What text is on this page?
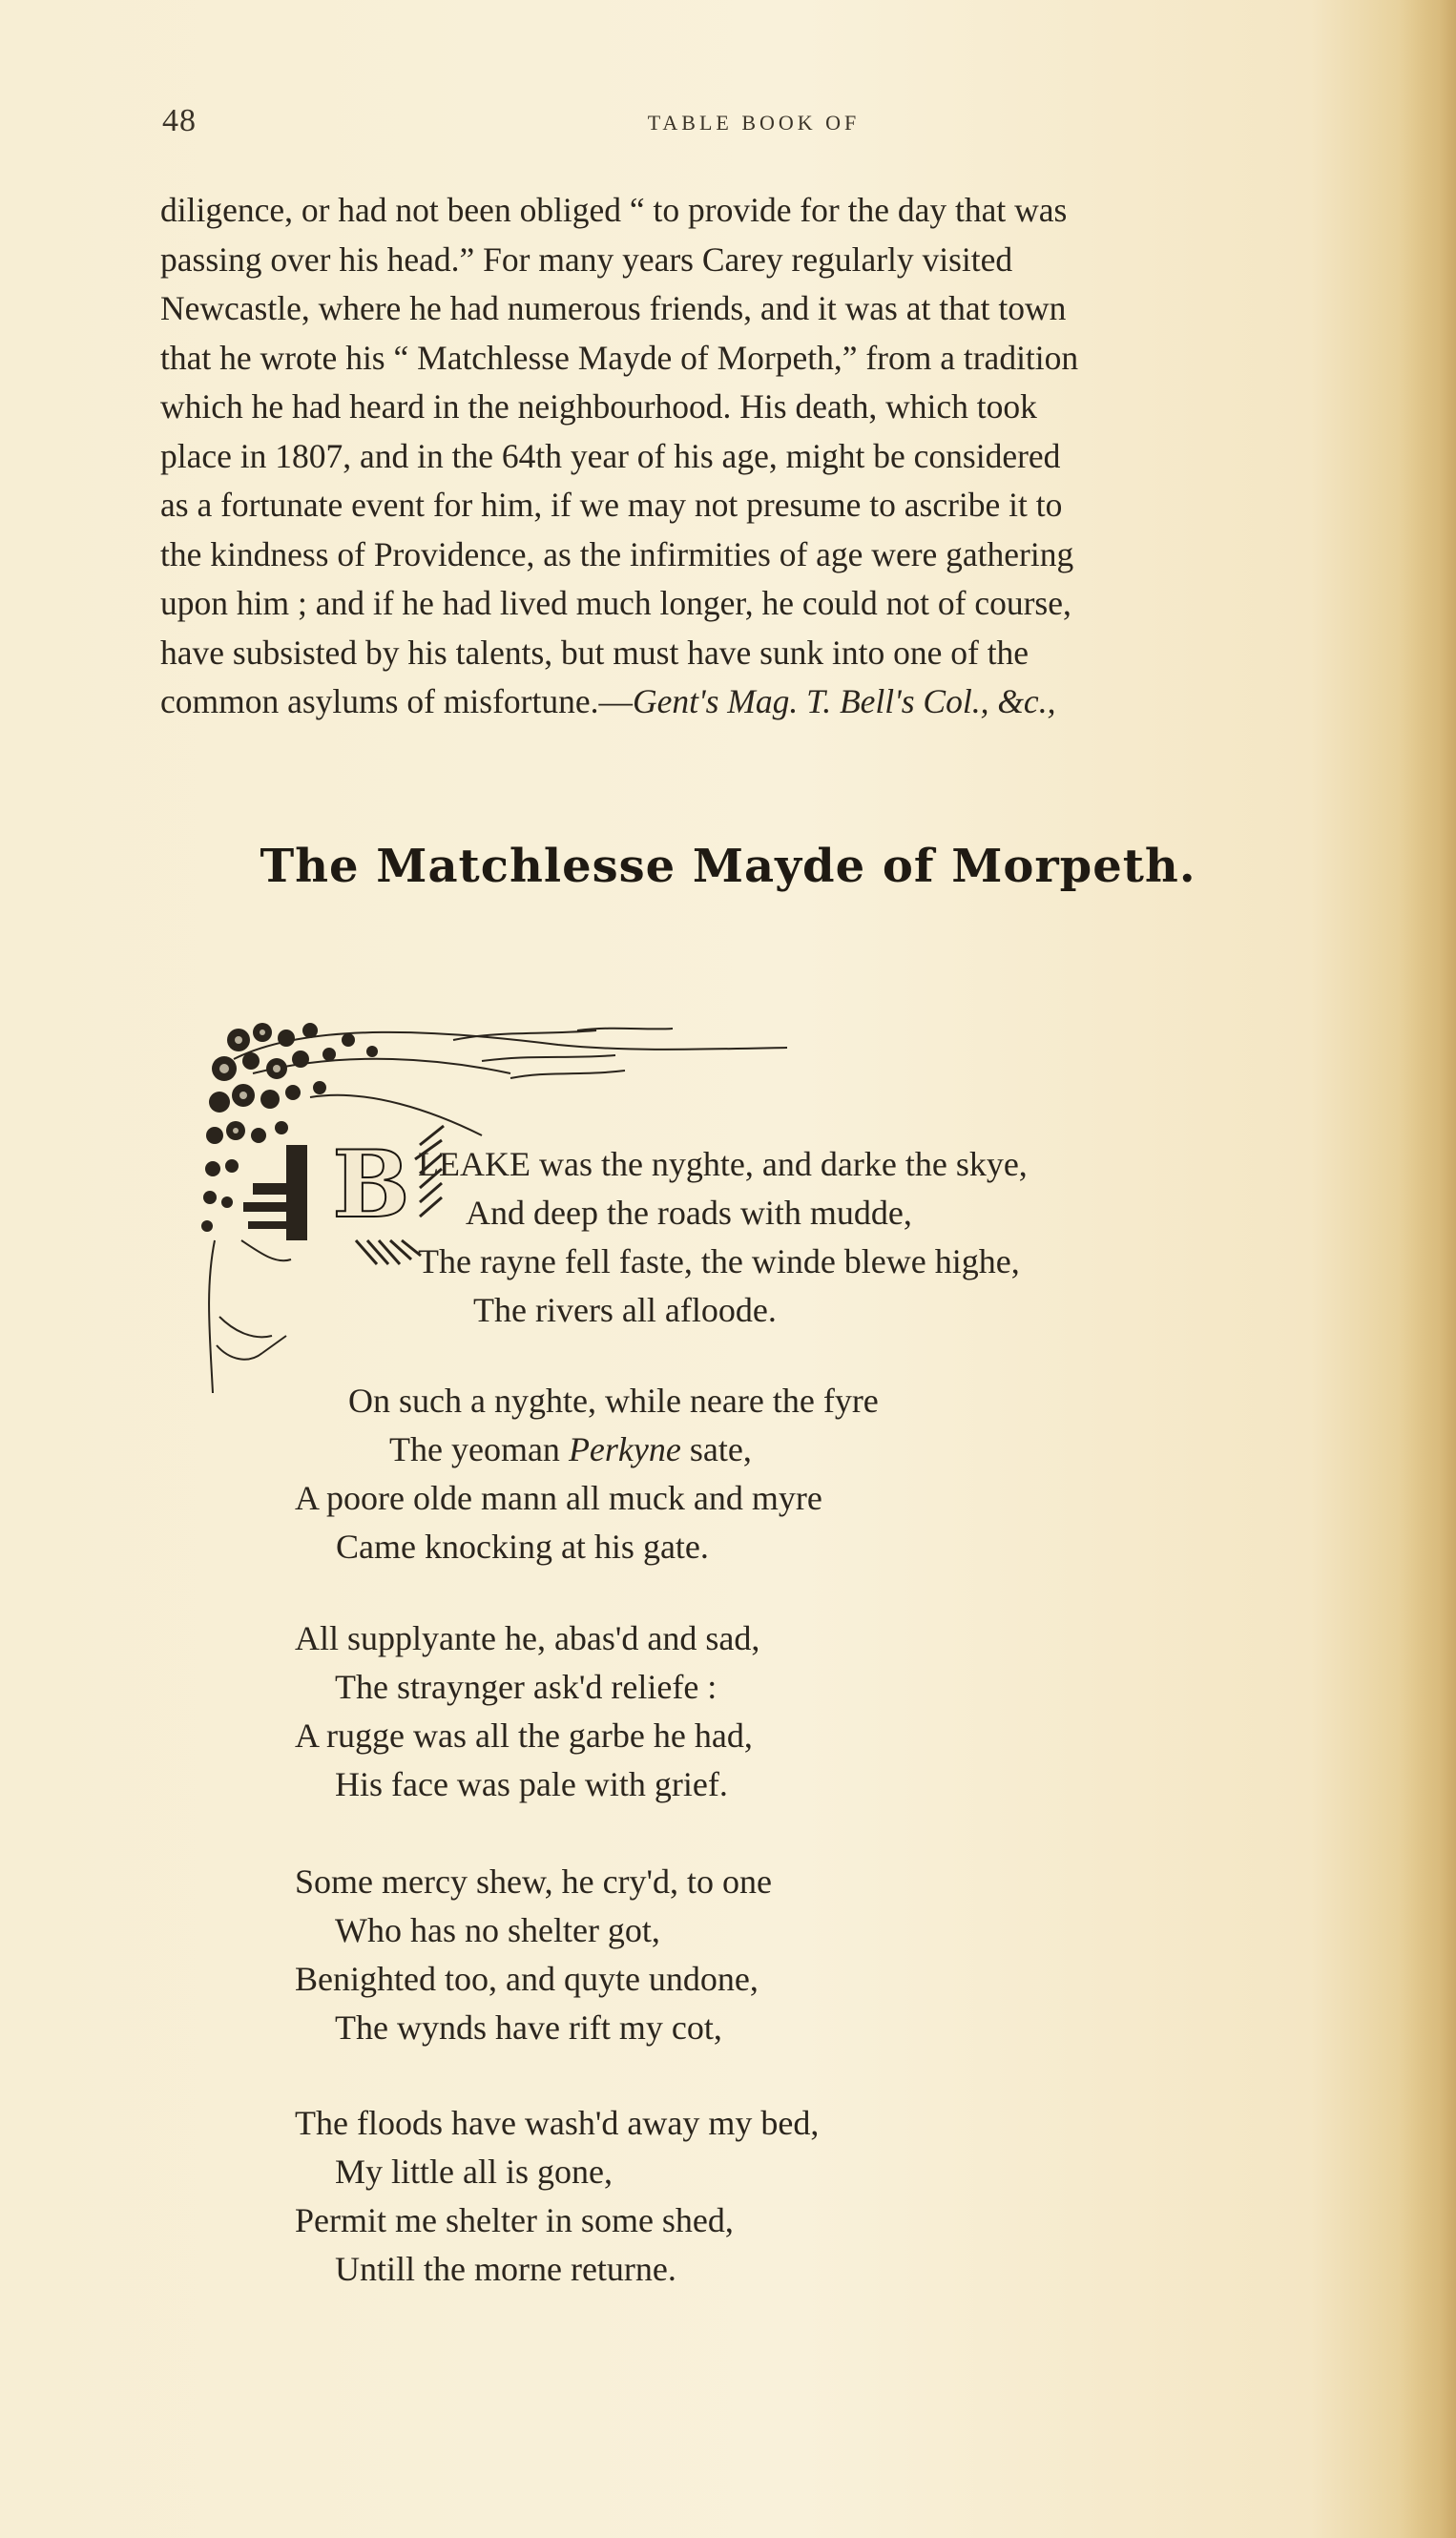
48	TABLE BOOK OF

diligence, or had not been obliged “ to provide for the day that was
passing over his head.” For many years Carey regularly visited
Newcastle, where he had numerous friends, and it was at that town
that he wrote his “ Matchlesse Mayde of Morpeth,” from a tradition
which he had heard in the neighbourhood. His death, which took
place in 1807, and in the 64th year of his age, might be considered
as a fortunate event for him, if we may not presume to ascribe it to
the kindness of Providence, as the infirmities of age were gathering
upon him ; and if he had lived much longer, he could not of course,
have subsisted by his talents, but must have sunk into one of the
common asylums of misfortune.—Gent's Mag. T. Bell's Col., &c.,

The Matchlesse Mayde of Morpeth.
B LEAKE was the nyghte, and darke the skye,
And deep the roads with mudde,
The rayne fell faste, the winde blewe highe,
The rivers all afloode.
On such a nyghte, while neare the fyre
The yeoman Perkyne sate,
A poore olde mann all muck and myre
Came knocking at his gate.
All supplyante he, abas'd and sad,
The straynger ask'd reliefe :
A rugge was all the garbe he had,
His face was pale with grief.
Some mercy shew, he cry'd, to one
Who has no shelter got,
Benighted too, and quyte undone,
The wynds have rift my cot,
The floods have wash'd away my bed,
My little all is gone,
Permit me shelter in some shed,
Untill the morne returne.
